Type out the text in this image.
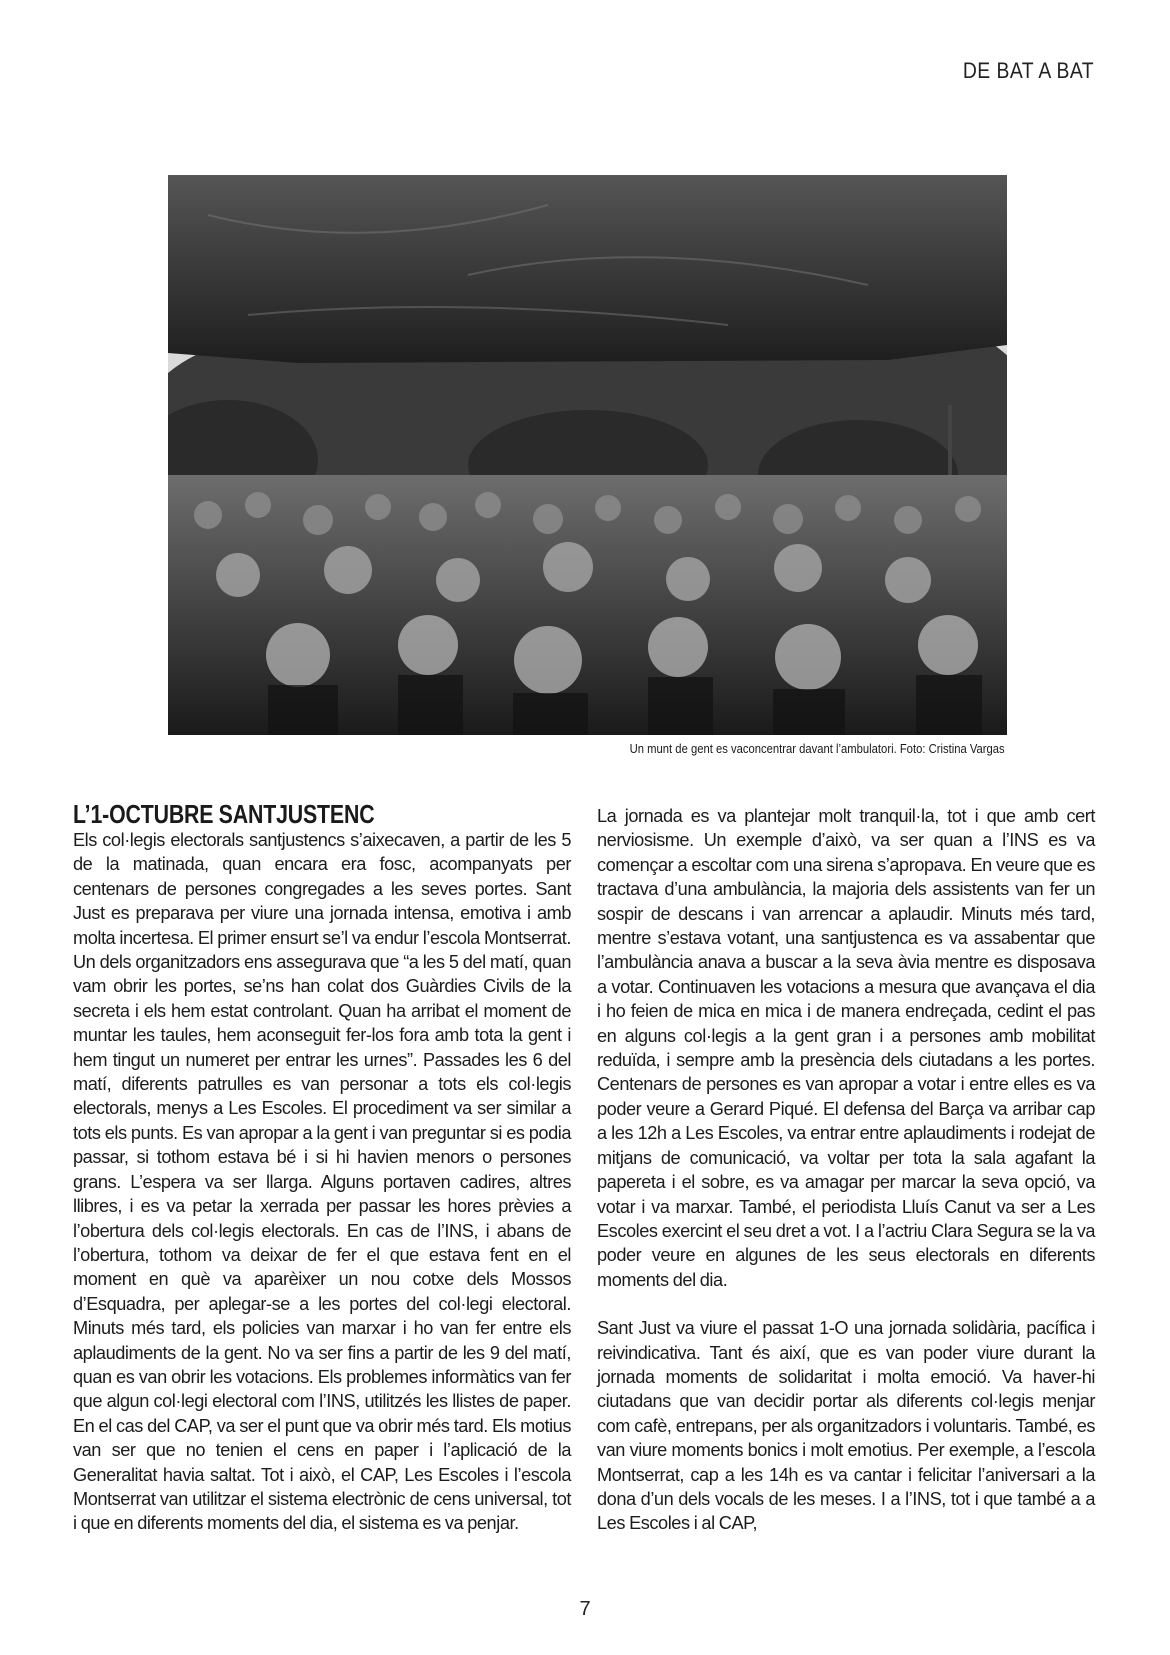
DE BAT A BAT
Un munt de gent es vaconcentrar davant l’ambulatori. Foto: Cristina Vargas
L’1-OCTUBRE SANTJUSTENC

Els col·legis electorals santjustencs s’aixecaven, a partir de les 5 de la matinada, quan encara era fosc, acompanyats per centenars de persones congregades a les seves portes. Sant Just es preparava per viure una jornada intensa, emotiva i amb molta incertesa. El primer ensurt se’l va endur l’escola Montserrat. Un dels organitzadors ens assegurava que “a les 5 del matí, quan vam obrir les portes, se’ns han colat dos Guàrdies Civils de la secreta i els hem estat controlant. Quan ha arribat el moment de muntar les taules, hem aconseguit fer-los fora amb tota la gent i hem tingut un numeret per entrar les urnes”. Passades les 6 del matí, diferents patrulles es van personar a tots els col·legis electorals, menys a Les Escoles. El procediment va ser similar a tots els punts. Es van apropar a la gent i van preguntar si es podia passar, si tothom estava bé i si hi havien menors o persones grans. L’espera va ser llarga. Alguns portaven cadires, altres llibres, i es va petar la xerrada per passar les hores prèvies a l’obertura dels col·legis electorals. En cas de l’INS, i abans de l’obertura, tothom va deixar de fer el que estava fent en el moment en què va aparèixer un nou cotxe dels Mossos d’Esquadra, per aplegar-se a les portes del col·legi electoral. Minuts més tard, els policies van marxar i ho van fer entre els aplaudiments de la gent. No va ser fins a partir de les 9 del matí, quan es van obrir les votacions. Els problemes informàtics van fer que algun col·legi electoral com l’INS, utilitzés les llistes de paper. En el cas del CAP, va ser el punt que va obrir més tard. Els motius van ser que no tenien el cens en paper i l’aplicació de la Generalitat havia saltat. Tot i això, el CAP, Les Escoles i l’escola Montserrat van utilitzar el sistema electrònic de cens universal, tot i que en diferents moments del dia, el sistema es va penjar.

La jornada es va plantejar molt tranquil·la, tot i que amb cert nerviosisme. Un exemple d’això, va ser quan a l’INS es va començar a escoltar com una sirena s’apropava. En veure que es tractava d’una ambulància, la majoria dels assistents van fer un sospir de descans i van arrencar a aplaudir. Minuts més tard, mentre s’estava votant, una santjustenca es va assabentar que l’ambulància anava a buscar a la seva àvia mentre es disposava a votar. Continuaven les votacions a mesura que avançava el dia i ho feien de mica en mica i de manera endreçada, cedint el pas en alguns col·legis a la gent gran i a persones amb mobilitat reduïda, i sempre amb la presència dels ciutadans a les portes. Centenars de persones es van apropar a votar i entre elles es va poder veure a Gerard Piqué. El defensa del Barça va arribar cap a les 12h a Les Escoles, va entrar entre aplaudiments i rodejat de mitjans de comunicació, va voltar per tota la sala agafant la papereta i el sobre, es va amagar per marcar la seva opció, va votar i va marxar. També, el periodista Lluís Canut va ser a Les Escoles exercint el seu dret a vot. I a l’actriu Clara Segura se la va poder veure en algunes de les seus electorals en diferents moments del dia.

Sant Just va viure el passat 1-O una jornada solidària, pacífica i reivindicativa. Tant és així, que es van poder viure durant la jornada moments de solidaritat i molta emoció. Va haver-hi ciutadans que van decidir portar als diferents col·legis menjar com cafè, entrepans, per als organitzadors i voluntaris. També, es van viure moments bonics i molt emotius. Per exemple, a l’escola Montserrat, cap a les 14h es va cantar i felicitar l’aniversari a la dona d’un dels vocals de les meses. I a l’INS, tot i que també a a Les Escoles i al CAP,

7
